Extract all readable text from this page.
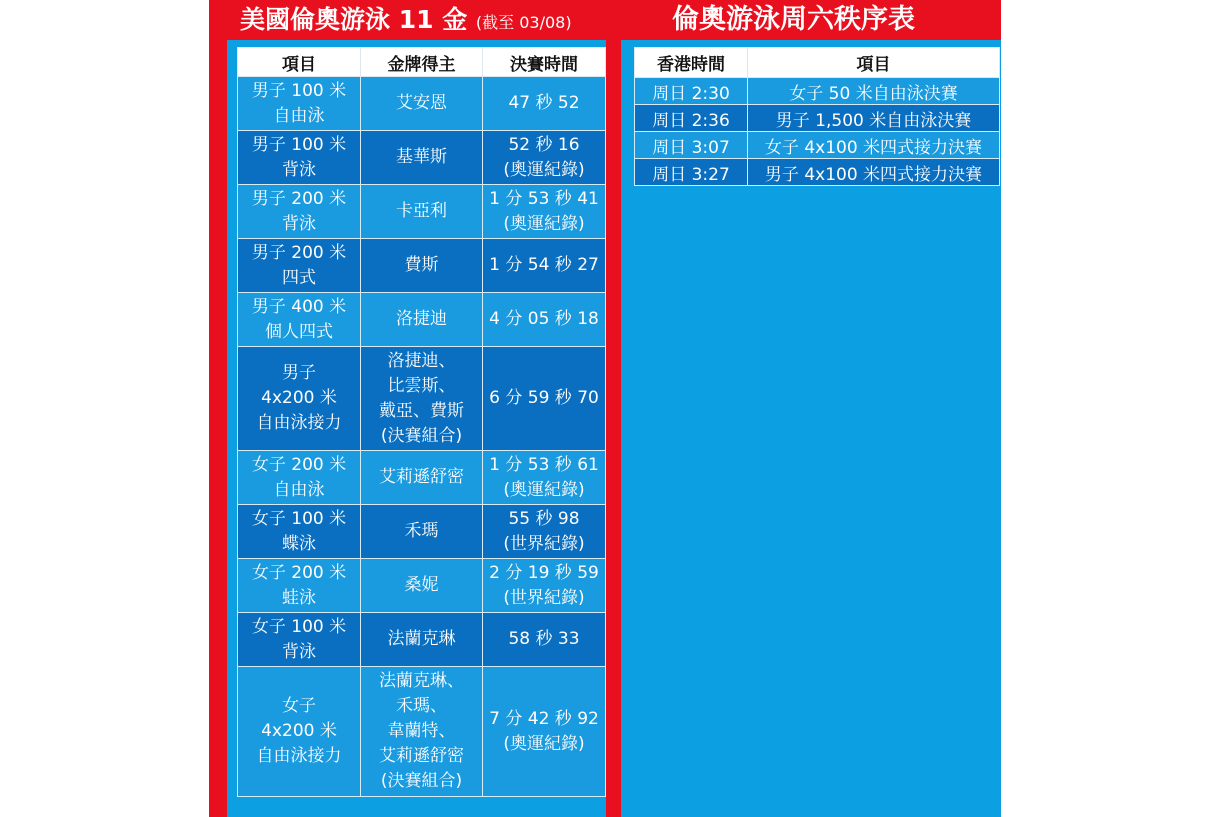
美國倫奧游泳 11 金 (截至 03/08)	倫奧游泳周六秩序表
項目	金牌得主	決賽時間
男子 100 米
自由泳	艾安恩	47 秒 52
男子 100 米
背泳	基華斯	52 秒 16
(奧運紀錄)
男子 200 米
背泳	卡亞利	1 分 53 秒 41
(奧運紀錄)
男子 200 米
四式	費斯	1 分 54 秒 27
男子 400 米
個人四式	洛捷迪	4 分 05 秒 18
男子
4x200 米
自由泳接力	洛捷迪、
比雲斯、
戴亞、費斯
(決賽組合)	6 分 59 秒 70
女子 200 米
自由泳	艾莉遜舒密	1 分 53 秒 61
(奧運紀錄)
女子 100 米
蝶泳	禾瑪	55 秒 98
(世界紀錄)
女子 200 米
蛙泳	桑妮	2 分 19 秒 59
(世界紀錄)
女子 100 米
背泳	法蘭克琳	58 秒 33
女子
4x200 米
自由泳接力	法蘭克琳、
禾瑪、
韋蘭特、
艾莉遜舒密
(決賽組合)	7 分 42 秒 92
(奧運紀錄)
香港時間	項目
周日 2:30	女子 50 米自由泳決賽
周日 2:36	男子 1,500 米自由泳決賽
周日 3:07	女子 4x100 米四式接力決賽
周日 3:27	男子 4x100 米四式接力決賽
